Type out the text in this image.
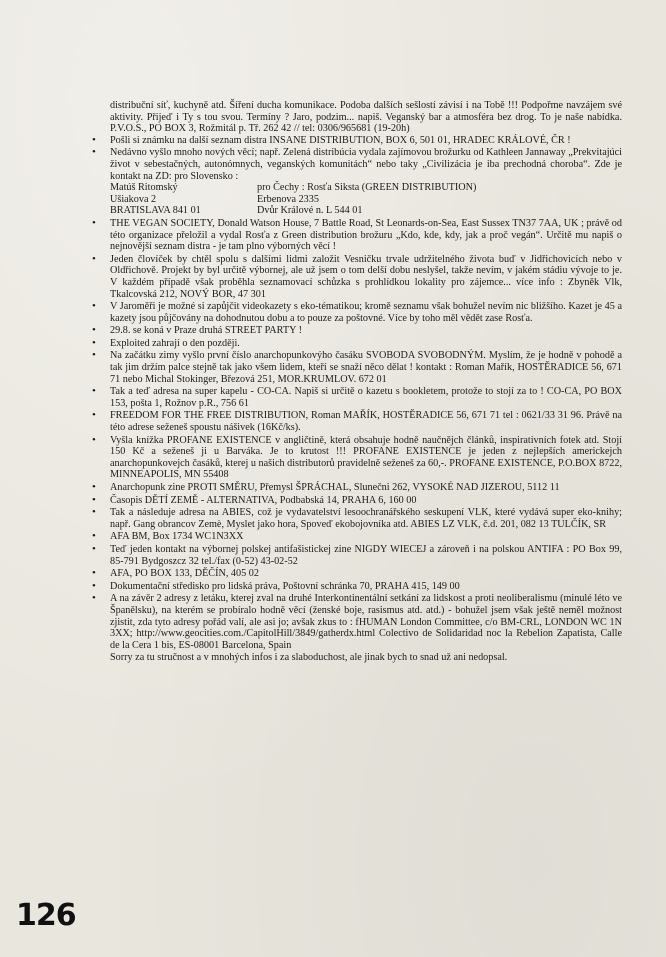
distribuční síť, kuchyně atd. Šíření ducha komunikace. Podoba dalších sešlostí závisí i na Tobě !!! Podpořme navzájem své aktivity. Přijeď i Ty s tou svou. Termíny ? Jaro, podzim... napiš. Veganský bar a atmosféra bez drog. To je naše nabídka. P.V.O.S., PO BOX 3, Rožmitál p. Tř. 262 42 // tel: 0306/965681 (19-20h)

• Pošli si známku na další seznam distra INSANE DISTRIBUTION, BOX 6, 501 01, HRADEC KRÁLOVÉ, ČR !
• Nedávno vyšlo mnoho nových věcí; např. Zelená distribúcia vydala zajímovou brožurku od Kathleen Jannaway „Prekvitajúci život v sebestačných, autonómnych, veganských komunitách“ nebo taky „Civilizácia je iba prechodná choroba“. Zde je kontakt na ZD: pro Slovensko :
Matúš Ritomský	pro Čechy : Rosťa Siksta (GREEN DISTRIBUTION)
Ušiakova 2	Erbenova 2335
BRATISLAVA 841 01	Dvůr Králové n. L 544 01
• THE VEGAN SOCIETY, Donald Watson House, 7 Battle Road, St Leonards-on-Sea, East Sussex TN37 7AA, UK ; právě od této organizace přeložil a vydal Rosťa z Green distribution brožuru „Kdo, kde, kdy, jak a proč vegán“. Určitě mu napiš o nejnovější seznam distra - je tam plno výborných věcí !
• Jeden človíček by chtěl spolu s dalšími lidmi založit Vesničku trvale udržitelného života buď v Jidřichovicích nebo v Oldřichově. Projekt by byl určitě výbornej, ale už jsem o tom delší dobu neslyšel, takže nevím, v jakém stádiu vývoje to je. V každém případě však proběhla seznamovací schůzka s prohlídkou lokality pro zájemce... více info : Zbyněk Vlk, Tkalcovská 212, NOVÝ BOR, 47 301
• V Jaroměři je možné si zapůjčit videokazety s eko-tématikou; kromě seznamu však bohužel nevím nic bližšího. Kazet je 45 a kazety jsou půjčovány na dohodnutou dobu a to pouze za poštovné. Více by toho měl vědět zase Rosťa.
• 29.8. se koná v Praze druhá STREET PARTY !
• Exploited zahrají o den později.
• Na začátku zimy vyšlo první číslo anarchopunkovýho časáku SVOBODA SVOBODNÝM. Myslím, že je hodně v pohodě a tak jim držím palce stejně tak jako všem lidem, kteří se snaží něco dělat ! kontakt : Roman Mařík, HOSTĚRADICE 56, 671 71 nebo Michal Stokinger, Březová 251, MOR.KRUMLOV. 672 01
• Tak a teď adresa na super kapelu - CO-CA. Napiš si určitě o kazetu s bookletem, protože to stojí za to ! CO-CA, PO BOX 153, pošta 1, Rožnov p.R., 756 61
• FREEDOM FOR THE FREE DISTRIBUTION, Roman MAŘÍK, HOSTĚRADICE 56, 671 71 tel : 0621/33 31 96. Právě na této adrese seženeš spoustu nášivek (16Kč/ks).
• Vyšla knížka PROFANE EXISTENCE v angličtině, která obsahuje hodně naučnějch článků, inspirativních fotek atd. Stojí 150 Kč a seženeš ji u Barváka. Je to krutost !!! PROFANE EXISTENCE je jeden z nejlepších americkejch anarchopunkovejch časáků, kterej u našich distributorů pravidelně seženeš za 60,-. PROFANE EXISTENCE, P.O.BOX 8722, MINNEAPOLIS, MN 55408
• Anarchopunk zine PROTI SMĚRU, Přemysl ŠPRÁCHAL, Slunečni 262, VYSOKÉ NAD JIZEROU, 5112 11
• Časopis DĚTÍ ZEMĚ - ALTERNATIVA, Podbabská 14, PRAHA 6, 160 00
• Tak a následuje adresa na ABIES, což je vydavatelství lesoochranářského seskupení VLK, které vydává super eko-knihy; např. Gang obrancov Zemè, Myslet jako hora, Spoveď ekobojovníka atd. ABIES LZ VLK, č.d. 201, 082 13 TULČÍK, SR
• AFA BM, Box 1734 WC1N3XX
• Teď jeden kontakt na výbornej polskej antifašistickej zine NIGDY WIECEJ a zároveň i na polskou ANTIFA : PO Box 99, 85-791 Bydgoszcz 32 tel./fax (0-52) 43-02-52
• AFA, PO BOX 133, DĚČÍN, 405 02
• Dokumentační středisko pro lidská práva, Poštovní schránka 70, PRAHA 415, 149 00
• A na závěr 2 adresy z letáku, kterej zval na druhé Interkontinentální setkání za lidskost a proti neoliberalismu (minulé léto ve Španělsku), na kterém se probíralo hodně věcí (ženské boje, rasismus atd. atd.) - bohužel jsem však ještě neměl možnost zjistit, zda tyto adresy pořád valí, ale asi jo; avšak zkus to : fHUMAN London Committee, c/o BM-CRL, LONDON WC 1N 3XX; http://www.geocities.com./CapitolHill/3849/gatherdx.html Colectivo de Solidaridad noc la Rebelion Zapatista, Calle de la Cera 1 bis, ES-08001 Barcelona, Spain

Sorry za tu stručnost a v mnohých infos i za slaboduchost, ale jinak bych to snad už ani nedopsal.

126
